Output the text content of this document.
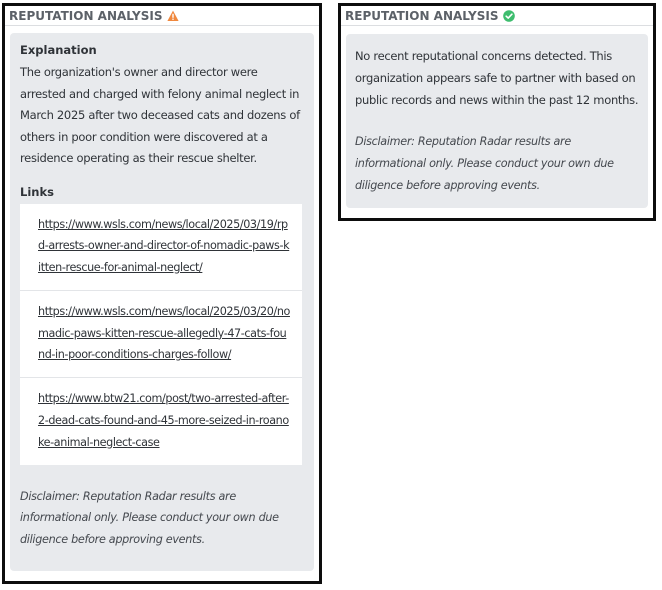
REPUTATION ANALYSIS
Explanation
The organization's owner and director were arrested and charged with felony animal neglect in March 2025 after two deceased cats and dozens of others in poor condition were discovered at a residence operating as their rescue shelter.
Links
https://www.wsls.com/news/local/2025/03/19/rpd-arrests-owner-and-director-of-nomadic-paws-kitten-rescue-for-animal-neglect/
https://www.wsls.com/news/local/2025/03/20/nomadic-paws-kitten-rescue-allegedly-47-cats-found-in-poor-conditions-charges-follow/
https://www.btw21.com/post/two-arrested-after-2-dead-cats-found-and-45-more-seized-in-roanoke-animal-neglect-case
Disclaimer: Reputation Radar results are informational only. Please conduct your own due diligence before approving events.
REPUTATION ANALYSIS
No recent reputational concerns detected. This organization appears safe to partner with based on public records and news within the past 12 months.
Disclaimer: Reputation Radar results are informational only. Please conduct your own due diligence before approving events.
